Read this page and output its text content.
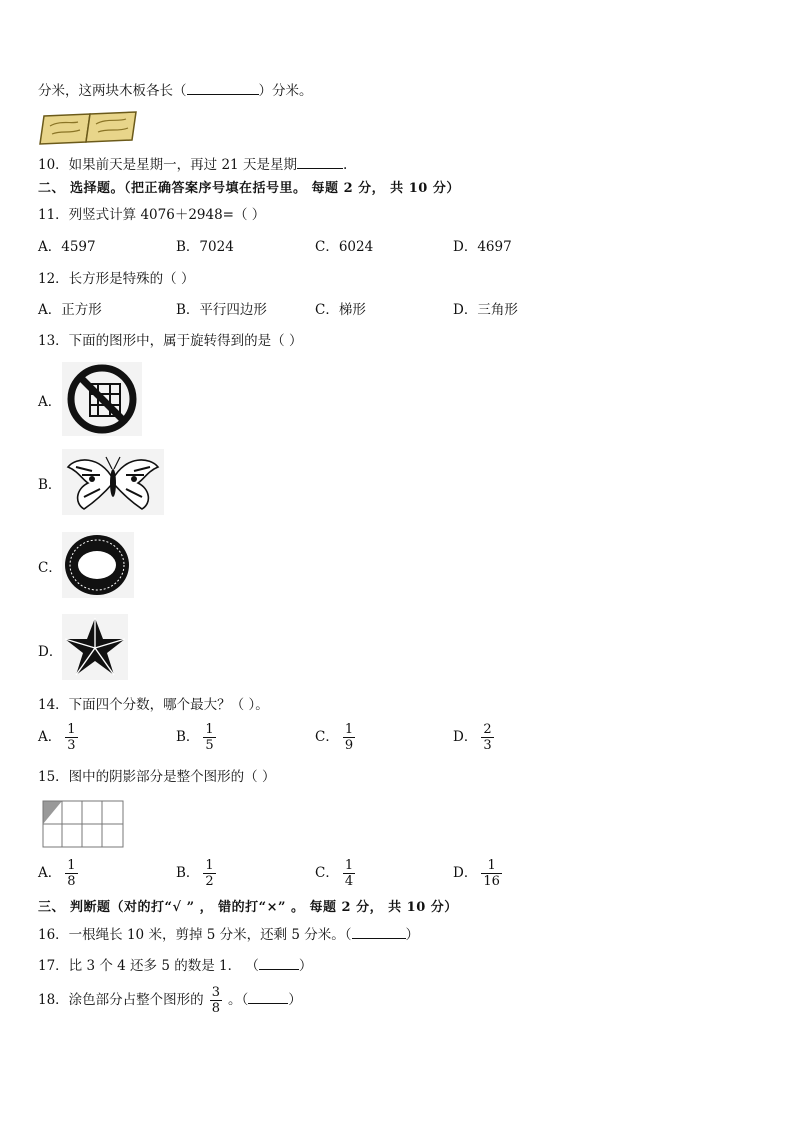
分米，这两块木板各长（	）分米。
10．如果前天是星期一，再过 21 天是星期	.
二、 选择题。（把正确答案序号填在括号里。 每题 2 分， 共 10 分）
11．列竖式计算 4076＋2948=（ ）
A．4597	B．7024	C．6024	D．4697
12．长方形是特殊的（ ）
A．正方形	B．平行四边形	C．梯形	D．三角形
13．下面的图形中，属于旋转得到的是（ ）
A．
B．
C．
D．
14．下面四个分数，哪个最大？（ ）。
A． $\frac{1}{3}$	B． $\frac{1}{5}$	C． $\frac{1}{9}$	D． $\frac{2}{3}$
15．图中的阴影部分是整个图形的（ ）
A． $\frac{1}{8}$	B． $\frac{1}{2}$	C． $\frac{1}{4}$	D． $\frac{1}{16}$
三、 判断题（对的打“√ ” ， 错的打“×” 。 每题 2 分， 共 10 分）
16．一根绳长 10 米，剪掉 5 分米，还剩 5 分米。（	）
17．比 3 个 4 还多 5 的数是 1． （	）
18．涂色部分占整个图形的 $\frac{3}{8}$ 。（	）
